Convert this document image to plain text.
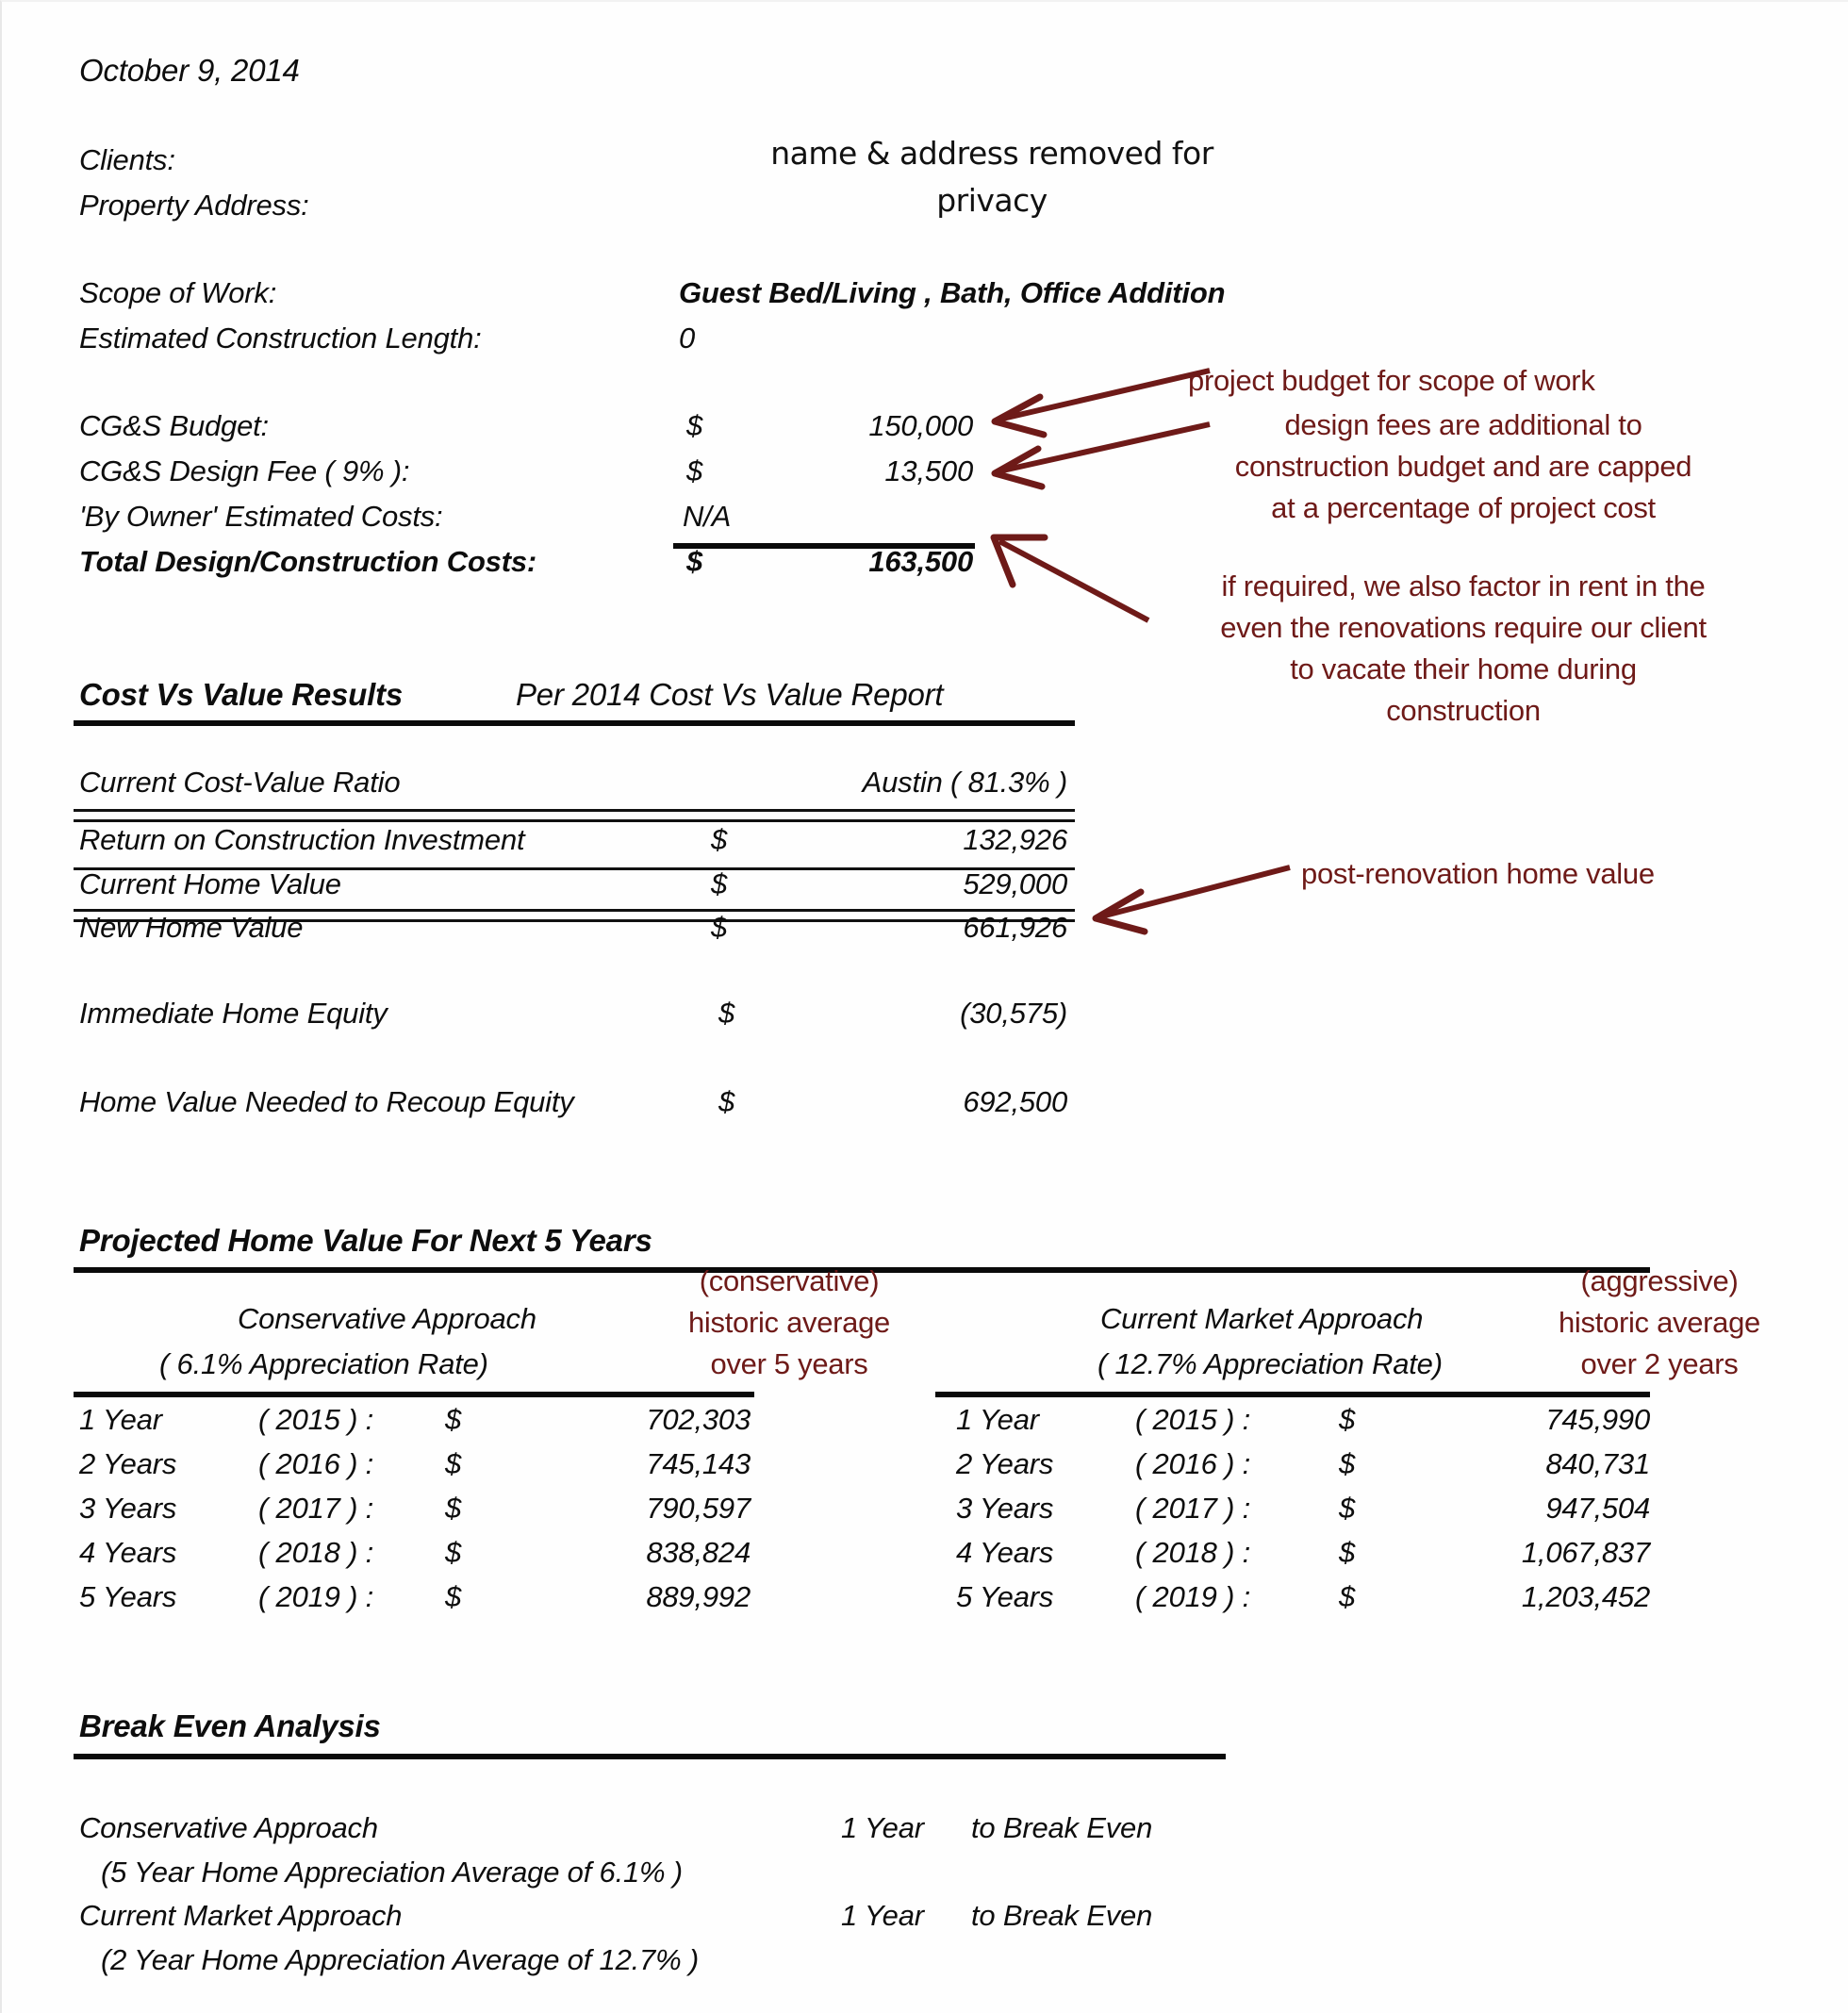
October 9, 2014
name & address removed for
privacy
Clients:
Property Address:
Scope of Work:	Guest Bed/Living , Bath, Office Addition
Estimated Construction Length:	0
CG&S Budget:	$	150,000
CG&S Design Fee ( 9% ):	$	13,500
'By Owner' Estimated Costs:	N/A
Total Design/Construction Costs:	$	163,500
project budget for scope of work
design fees are additional to
construction budget and are capped
at a percentage of project cost
if required, we also factor in rent in the
even the renovations require our client
to vacate their home during
construction
Cost Vs Value Results	Per 2014 Cost Vs Value Report
Current Cost-Value Ratio	Austin ( 81.3% )
Return on Construction Investment	$	132,926
Current Home Value	$	529,000
New Home Value	$	661,926
post-renovation home value
Immediate Home Equity	$	(30,575)
Home Value Needed to Recoup Equity	$	692,500
Projected Home Value For Next 5 Years
Conservative Approach
( 6.1% Appreciation Rate)
(conservative)
historic average
over 5 years
Current Market Approach
( 12.7% Appreciation Rate)
(aggressive)
historic average
over 2 years
1 Year	( 2015 ) : $	702,303
2 Years	( 2016 ) : $	745,143
3 Years	( 2017 ) : $	790,597
4 Years	( 2018 ) : $	838,824
5 Years	( 2019 ) : $	889,992
1 Year	( 2015 ) :	$	745,990
2 Years	( 2016 ) :	$	840,731
3 Years	( 2017 ) :	$	947,504
4 Years	( 2018 ) :	$	1,067,837
5 Years	( 2019 ) :	$	1,203,452
Break Even Analysis
Conservative Approach	1 Year to Break Even
(5 Year Home Appreciation Average of 6.1% )
Current Market Approach	1 Year to Break Even
(2 Year Home Appreciation Average of 12.7% )
